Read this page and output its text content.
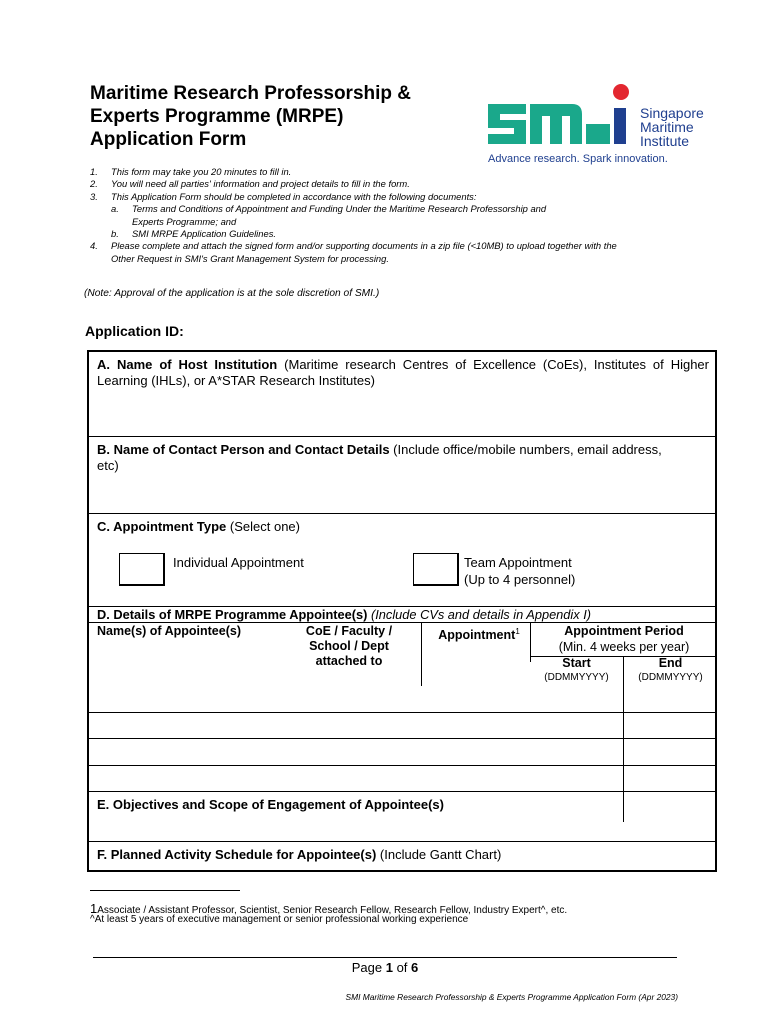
Maritime Research Professorship &
Experts Programme (MRPE)
Application Form
Singapore
Maritime
Institute
Advance research. Spark innovation.
1.	This form may take you 20 minutes to fill in.
2.	You will need all parties' information and project details to fill in the form.
3.	This Application Form should be completed in accordance with the following documents:
a.	Terms and Conditions of Appointment and Funding Under the Maritime Research Professorship and
Experts Programme; and
b.	SMI MRPE Application Guidelines.
4.	Please complete and attach the signed form and/or supporting documents in a zip file (<10MB) to upload together with the
Other Request in SMI's Grant Management System for processing.
(Note: Approval of the application is at the sole discretion of SMI.)
Application ID:
A. Name of Host Institution (Maritime research Centres of Excellence (CoEs), Institutes of Higher Learning (IHLs), or A*STAR Research Institutes)
B. Name of Contact Person and Contact Details (Include office/mobile numbers, email address, etc)
C. Appointment Type (Select one)
Individual Appointment	Team Appointment
(Up to 4 personnel)
D. Details of MRPE Programme Appointee(s) (Include CVs and details in Appendix I)
Name(s) of Appointee(s)	CoE / Faculty /
School / Dept
attached to
Appointment$^1$	Appointment Period
(Min. 4 weeks per year)
Start	End
(DDMMYYYY)	(DDMMYYYY)
E. Objectives and Scope of Engagement of Appointee(s)
F. Planned Activity Schedule for Appointee(s) (Include Gantt Chart)
1Associate / Assistant Professor, Scientist, Senior Research Fellow, Research Fellow, Industry Expert^, etc.
^At least 5 years of executive management or senior professional working experience
Page 1 of 6
SMI Maritime Research Professorship & Experts Programme Application Form (Apr 2023)
